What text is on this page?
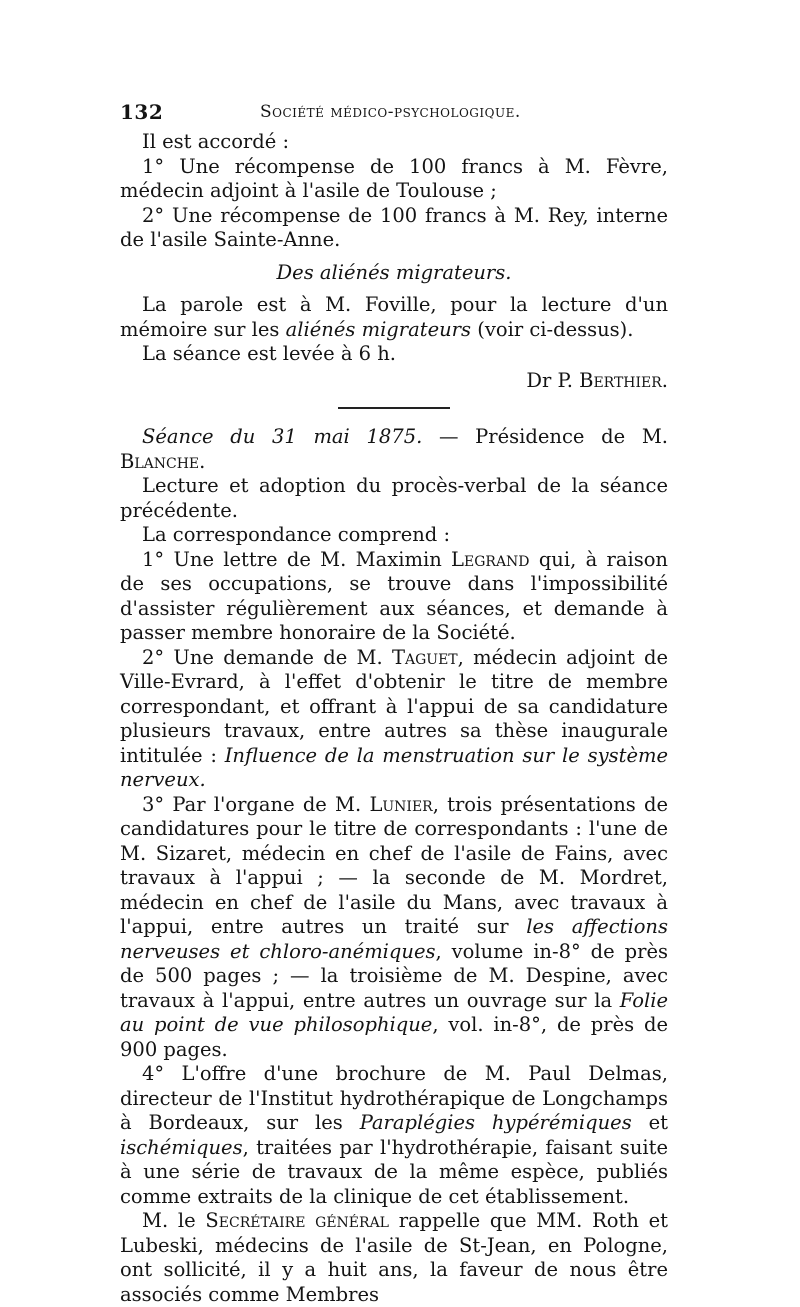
132	Société médico-psychologique.

Il est accordé :

1° Une récompense de 100 francs à M. Fèvre, médecin adjoint à l'asile de Toulouse ;

2° Une récompense de 100 francs à M. Rey, interne de l'asile Sainte-Anne.

Des aliénés migrateurs.

La parole est à M. Foville, pour la lecture d'un mémoire sur les aliénés migrateurs (voir ci-dessus).

La séance est levée à 6 h.

Dr P. Berthier.

Séance du 31 mai 1875. — Présidence de M. Blanche.

Lecture et adoption du procès-verbal de la séance précédente.

La correspondance comprend :

1° Une lettre de M. Maximin Legrand qui, à raison de ses occupations, se trouve dans l'impossibilité d'assister régulièrement aux séances, et demande à passer membre honoraire de la Société.

2° Une demande de M. Taguet, médecin adjoint de Ville-Evrard, à l'effet d'obtenir le titre de membre correspondant, et offrant à l'appui de sa candidature plusieurs travaux, entre autres sa thèse inaugurale intitulée : Influence de la menstruation sur le système nerveux.

3° Par l'organe de M. Lunier, trois présentations de candidatures pour le titre de correspondants : l'une de M. Sizaret, médecin en chef de l'asile de Fains, avec travaux à l'appui ; — la seconde de M. Mordret, médecin en chef de l'asile du Mans, avec travaux à l'appui, entre autres un traité sur les affections nerveuses et chloro-anémiques, volume in-8° de près de 500 pages ; — la troisième de M. Despine, avec travaux à l'appui, entre autres un ouvrage sur la Folie au point de vue philosophique, vol. in-8°, de près de 900 pages.

4° L'offre d'une brochure de M. Paul Delmas, directeur de l'Institut hydrothérapique de Longchamps à Bordeaux, sur les Paraplégies hypérémiques et ischémiques, traitées par l'hydrothérapie, faisant suite à une série de travaux de la même espèce, publiés comme extraits de la clinique de cet établissement.

M. le Secrétaire général rappelle que MM. Roth et Lubeski, médecins de l'asile de St-Jean, en Pologne, ont sollicité, il y a huit ans, la faveur de nous être associés comme Membres
